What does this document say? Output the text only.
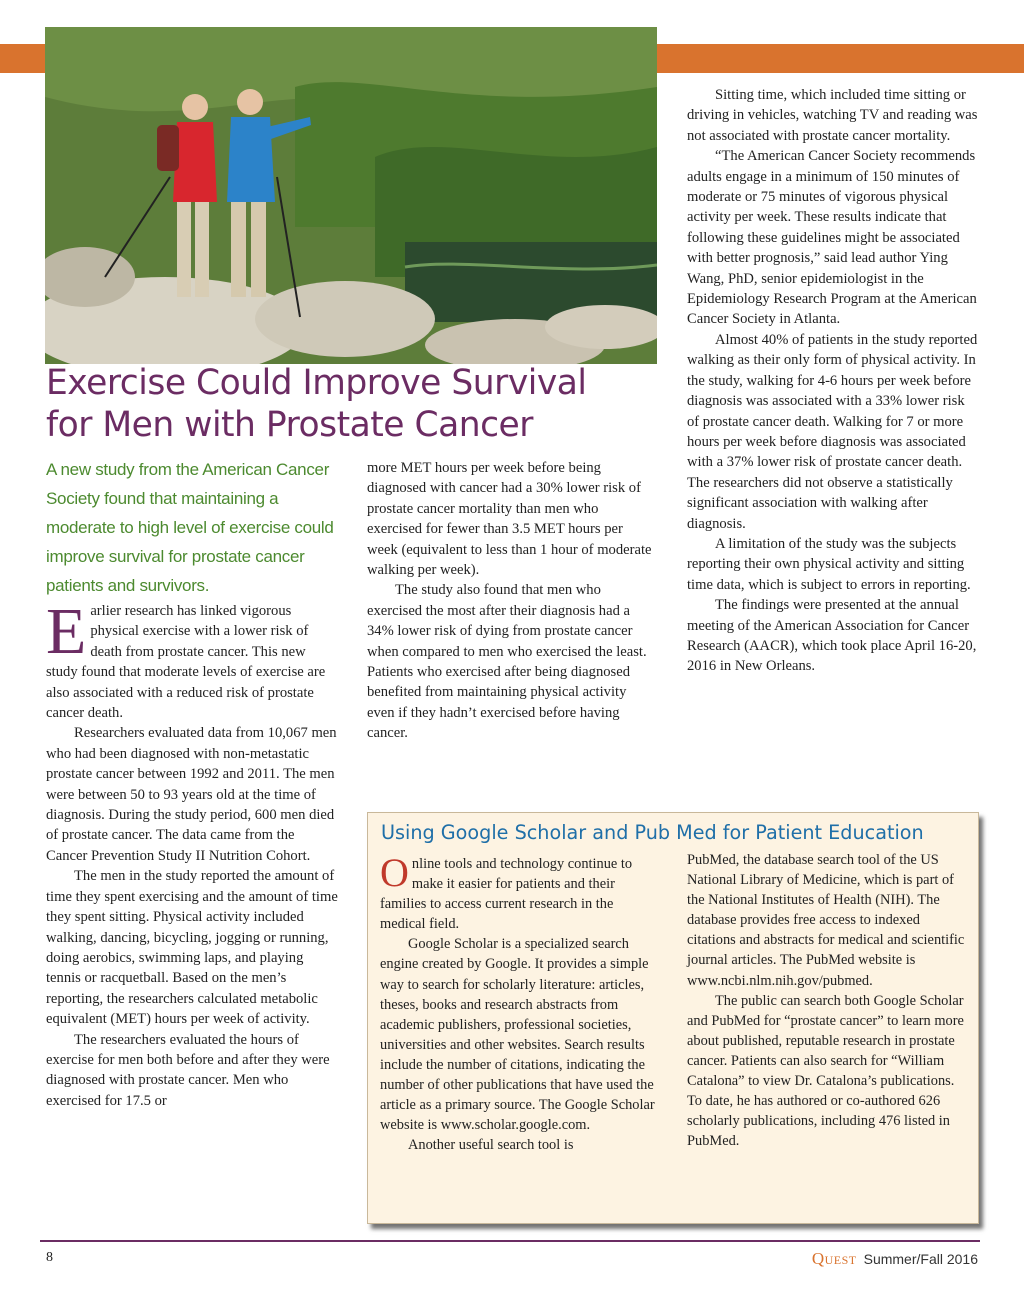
Exercise Could Improve Survival
for Men with Prostate Cancer
A new study from the American Cancer Society found that maintaining a moderate to high level of exercise could improve survival for prostate cancer patients and survivors.

Earlier research has linked vigorous physical exercise with a lower risk of death from prostate cancer. This new study found that moderate levels of exercise are also associated with a reduced risk of prostate cancer death.

Researchers evaluated data from 10,067 men who had been diagnosed with non-metastatic prostate cancer between 1992 and 2011. The men were between 50 to 93 years old at the time of diagnosis. During the study period, 600 men died of prostate cancer. The data came from the Cancer Prevention Study II Nutrition Cohort.

The men in the study reported the amount of time they spent exercising and the amount of time they spent sitting. Physical activity included walking, dancing, bicycling, jogging or running, doing aerobics, swimming laps, and playing tennis or racquetball. Based on the men’s reporting, the researchers calculated metabolic equivalent (MET) hours per week of activity.

The researchers evaluated the hours of exercise for men both before and after they were diagnosed with prostate cancer. Men who exercised for 17.5 or

more MET hours per week before being diagnosed with cancer had a 30% lower risk of prostate cancer mortality than men who exercised for fewer than 3.5 MET hours per week (equivalent to less than 1 hour of moderate walking per week).

The study also found that men who exercised the most after their diagnosis had a 34% lower risk of dying from prostate cancer when compared to men who exercised the least. Patients who exercised after being diagnosed benefited from maintaining physical activity even if they hadn’t exercised before having cancer.

Sitting time, which included time sitting or driving in vehicles, watching TV and reading was not associated with prostate cancer mortality.

“The American Cancer Society recommends adults engage in a minimum of 150 minutes of moderate or 75 minutes of vigorous physical activity per week. These results indicate that following these guidelines might be associated with better prognosis,” said lead author Ying Wang, PhD, senior epidemiologist in the Epidemiology Research Program at the American Cancer Society in Atlanta.

Almost 40% of patients in the study reported walking as their only form of physical activity. In the study, walking for 4-6 hours per week before diagnosis was associated with a 33% lower risk of prostate cancer death. Walking for 7 or more hours per week before diagnosis was associated with a 37% lower risk of prostate cancer death. The researchers did not observe a statistically significant association with walking after diagnosis.

A limitation of the study was the subjects reporting their own physical activity and sitting time data, which is subject to errors in reporting.

The findings were presented at the annual meeting of the American Association for Cancer Research (AACR), which took place April 16-20, 2016 in New Orleans.

Using Google Scholar and Pub Med for Patient Education

Online tools and technology continue to make it easier for patients and their families to access current research in the medical field.

Google Scholar is a specialized search engine created by Google. It provides a simple way to search for scholarly literature: articles, theses, books and research abstracts from academic publishers, professional societies, universities and other websites. Search results include the number of citations, indicating the number of other publications that have used the article as a primary source. The Google Scholar website is www.scholar.google.com.

Another useful search tool is

PubMed, the database search tool of the US National Library of Medicine, which is part of the National Institutes of Health (NIH). The database provides free access to indexed citations and abstracts for medical and scientific journal articles. The PubMed website is www.ncbi.nlm.nih.gov/pubmed.

The public can search both Google Scholar and PubMed for “prostate cancer” to learn more about published, reputable research in prostate cancer. Patients can also search for “William Catalona” to view Dr. Catalona’s publications. To date, he has authored or co-authored 626 scholarly publications, including 476 listed in PubMed.

8	Quest Summer/Fall 2016
